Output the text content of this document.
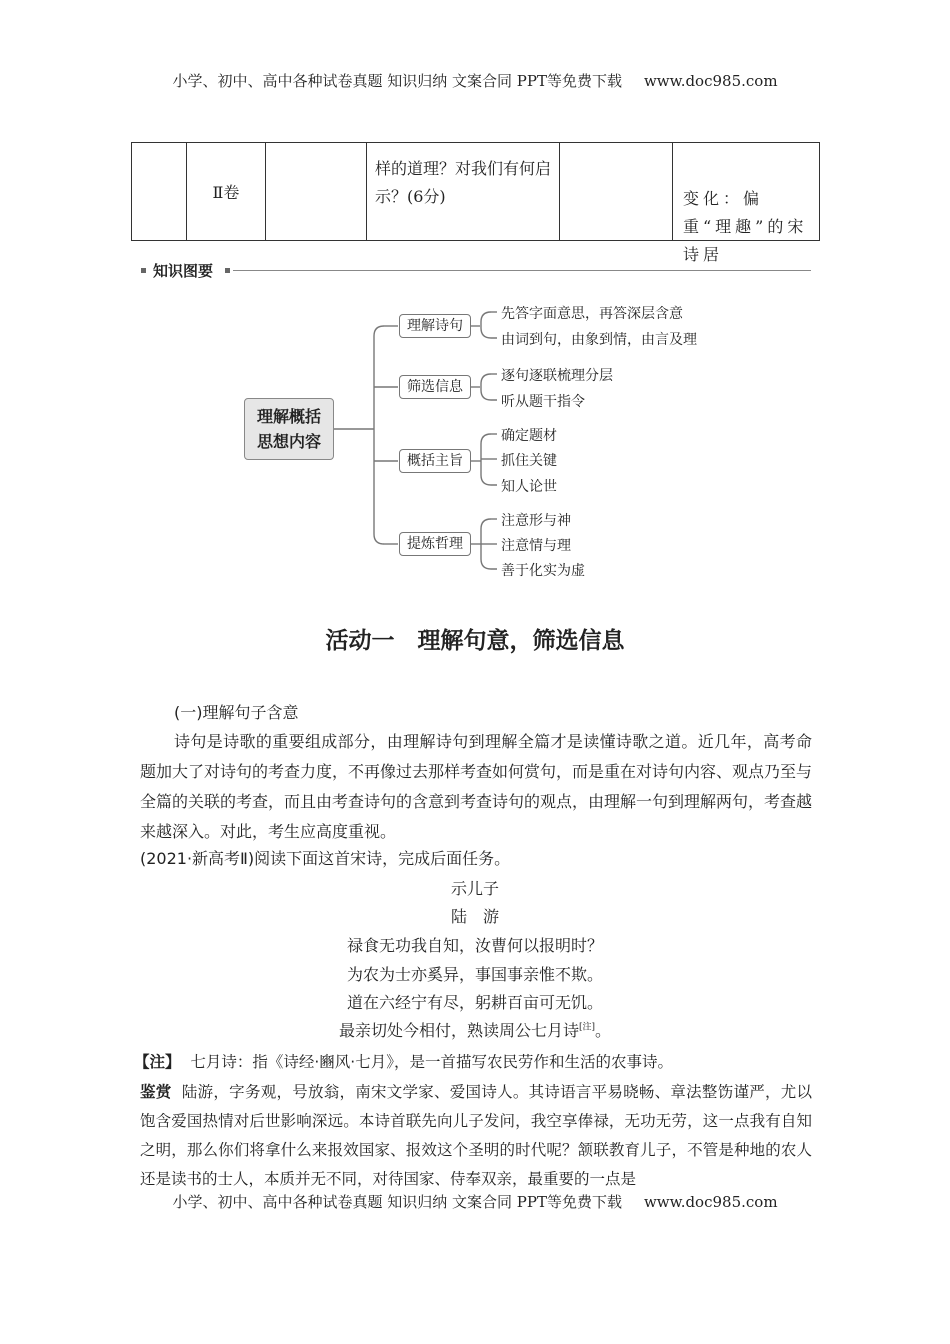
小学、初中、高中各种试卷真题 知识归纳 文案合同 PPT等免费下载 www.doc985.com
	Ⅱ卷		样的道理？对我们有何启示？(6分)		变化：偏重“理趣”的宋诗居
知识图要
理解概括
思想内容
理解诗句
筛选信息
概括主旨
提炼哲理
先答字面意思，再答深层含意
由词到句，由象到情，由言及理
逐句逐联梳理分层
听从题干指令
确定题材
抓住关键
知人论世
注意形与神
注意情与理
善于化实为虚
活动一　理解句意，筛选信息
(一)理解句子含意
诗句是诗歌的重要组成部分，由理解诗句到理解全篇才是读懂诗歌之道。近几年，高考命题加大了对诗句的考查力度，不再像过去那样考查如何赏句，而是重在对诗句内容、观点乃至与全篇的关联的考查，而且由考查诗句的含意到考查诗句的观点，由理解一句到理解两句，考查越来越深入。对此，考生应高度重视。
(2021·新高考Ⅱ)阅读下面这首宋诗，完成后面任务。
示儿子
陆　游
禄食无功我自知，汝曹何以报明时？
为农为士亦奚异，事国事亲惟不欺。
道在六经宁有尽，躬耕百亩可无饥。
最亲切处今相付，熟读周公七月诗[注]。
【注】 七月诗：指《诗经·豳风·七月》，是一首描写农民劳作和生活的农事诗。
鉴赏 陆游，字务观，号放翁，南宋文学家、爱国诗人。其诗语言平易晓畅、章法整饬谨严，尤以饱含爱国热情对后世影响深远。本诗首联先向儿子发问，我空享俸禄，无功无劳，这一点我有自知之明，那么你们将拿什么来报效国家、报效这个圣明的时代呢？颔联教育儿子，不管是种地的农人还是读书的士人，本质并无不同，对待国家、侍奉双亲，最重要的一点是
小学、初中、高中各种试卷真题 知识归纳 文案合同 PPT等免费下载 www.doc985.com
